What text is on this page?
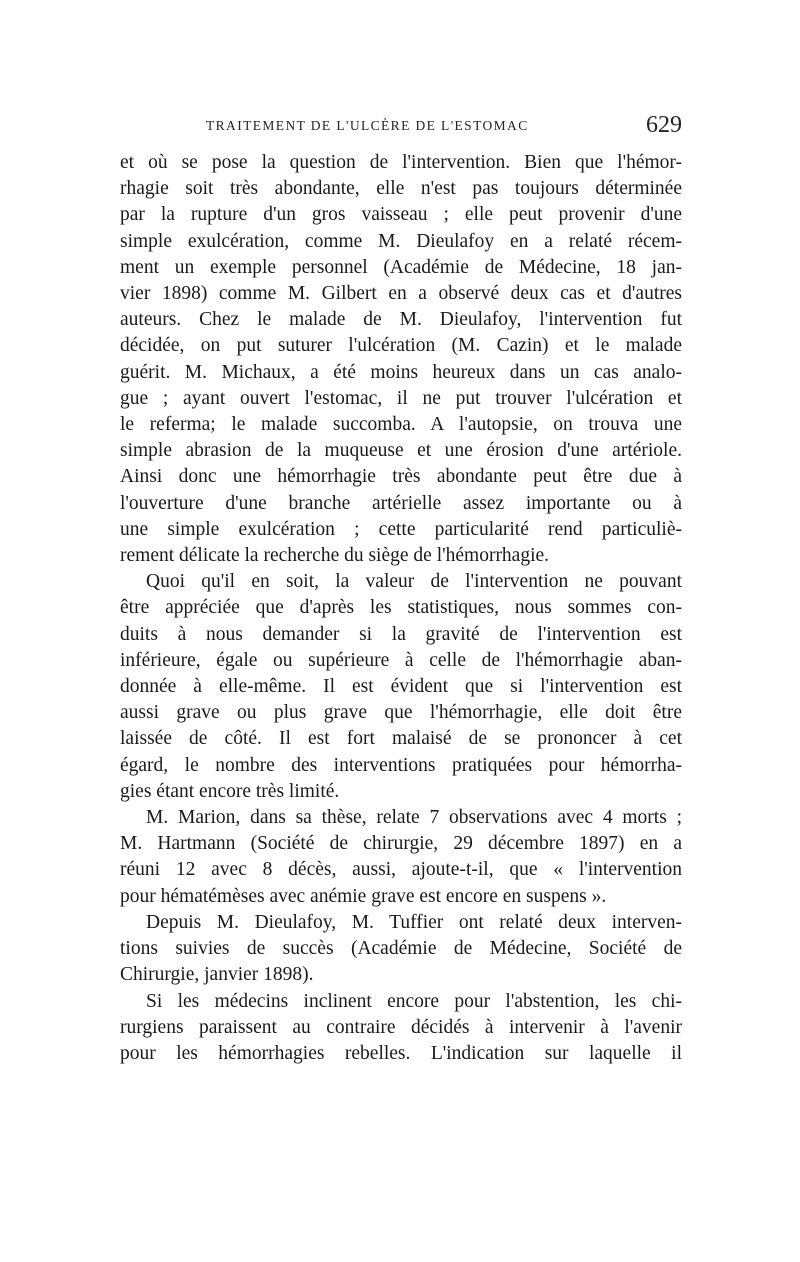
TRAITEMENT DE L'ULCÈRE DE L'ESTOMAC	629

et où se pose la question de l'intervention. Bien que l'hémor-
rhagie soit très abondante, elle n'est pas toujours déterminée
par la rupture d'un gros vaisseau ; elle peut provenir d'une
simple exulcération, comme M. Dieulafoy en a relaté récem-
ment un exemple personnel (Académie de Médecine, 18 jan-
vier 1898) comme M. Gilbert en a observé deux cas et d'autres
auteurs. Chez le malade de M. Dieulafoy, l'intervention fut
décidée, on put suturer l'ulcération (M. Cazin) et le malade
guérit. M. Michaux, a été moins heureux dans un cas analo-
gue ; ayant ouvert l'estomac, il ne put trouver l'ulcération et
le referma; le malade succomba. A l'autopsie, on trouva une
simple abrasion de la muqueuse et une érosion d'une artériole.
Ainsi donc une hémorrhagie très abondante peut être due à
l'ouverture d'une branche artérielle assez importante ou à
une simple exulcération ; cette particularité rend particuliè-
rement délicate la recherche du siège de l'hémorrhagie.

Quoi qu'il en soit, la valeur de l'intervention ne pouvant
être appréciée que d'après les statistiques, nous sommes con-
duits à nous demander si la gravité de l'intervention est
inférieure, égale ou supérieure à celle de l'hémorrhagie aban-
donnée à elle-même. Il est évident que si l'intervention est
aussi grave ou plus grave que l'hémorrhagie, elle doit être
laissée de côté. Il est fort malaisé de se prononcer à cet
égard, le nombre des interventions pratiquées pour hémorrha-
gies étant encore très limité.

M. Marion, dans sa thèse, relate 7 observations avec 4 morts ;
M. Hartmann (Société de chirurgie, 29 décembre 1897) en a
réuni 12 avec 8 décès, aussi, ajoute-t-il, que « l'intervention
pour hématémèses avec anémie grave est encore en suspens ».

Depuis M. Dieulafoy, M. Tuffier ont relaté deux interven-
tions suivies de succès (Académie de Médecine, Société de
Chirurgie, janvier 1898).

Si les médecins inclinent encore pour l'abstention, les chi-
rurgiens paraissent au contraire décidés à intervenir à l'avenir
pour les hémorrhagies rebelles. L'indication sur laquelle il
